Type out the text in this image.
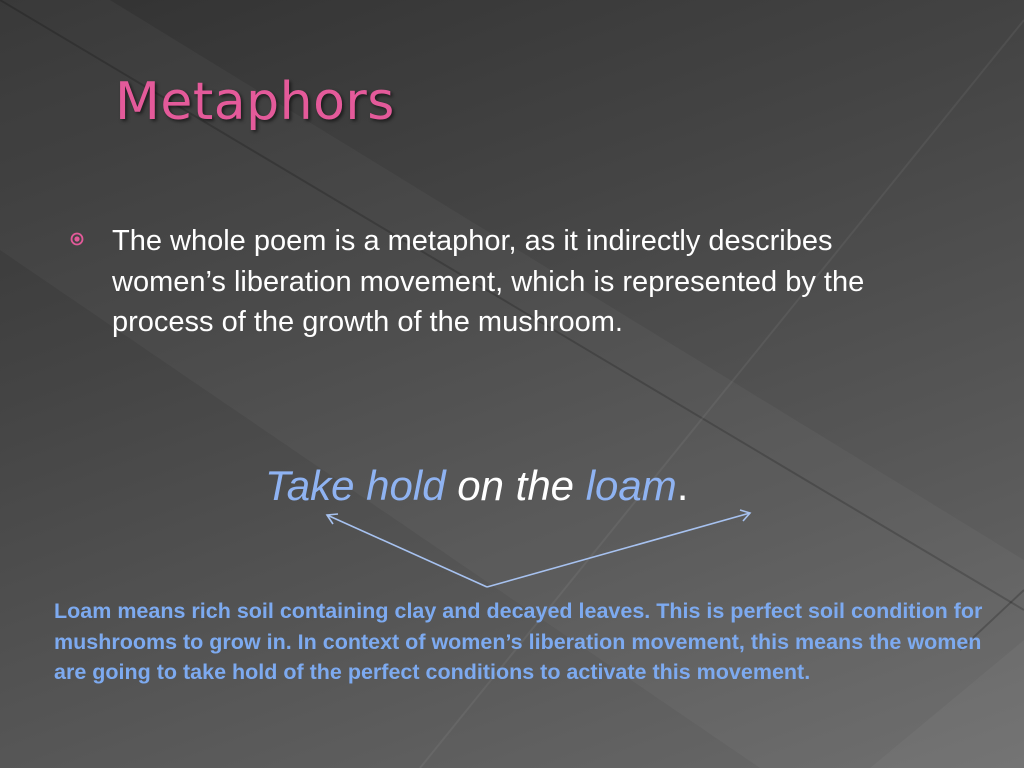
Metaphors
The whole poem is a metaphor, as it indirectly describes women’s liberation movement, which is represented by the process of the growth of the mushroom.
Take hold on the loam.
Loam means rich soil containing clay and decayed leaves. This is perfect soil condition for mushrooms to grow in. In context of women’s liberation movement, this means the women are going to take hold of the perfect conditions to activate this movement.
